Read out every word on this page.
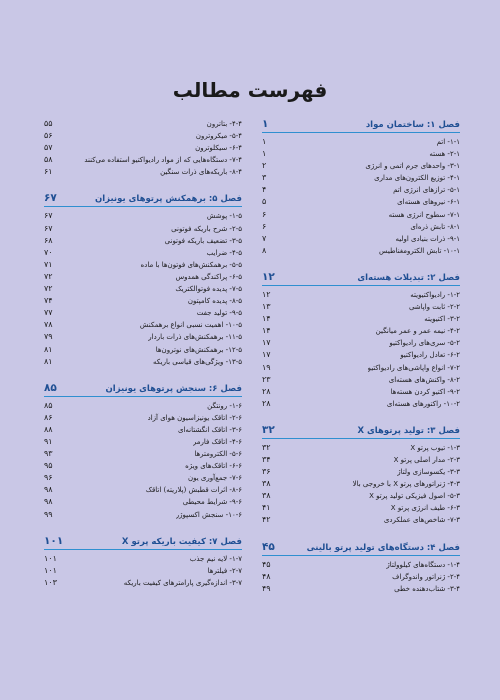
فهرست مطالب
فصل ۱: ساختمان مواد
۱
۱-۱- اتم
۱
۲-۱- هسته
۱
۳-۱- واحدهای جرم اتمی و انرژی
۲
۴-۱- توزیع الکترون‌های مداری
۳
۵-۱- ترازهای انرژی اتم
۴
۶-۱- نیروهای هسته‌ای
۵
۷-۱- سطوح انرژی هسته
۶
۸-۱- تابش ذره‌ای
۶
۹-۱- ذرات بنیادی اولیه
۷
۱۰-۱- تابش الکترومغناطیس
۸
فصل ۲: تبدیلات هسته‌ای
۱۲
۱-۲- رادیواکتیویته
۱۲
۲-۲- ثابت واپاشی
۱۳
۳-۲- اکتیویته
۱۴
۴-۲- نیمه عمر و عمر میانگین
۱۴
۵-۲- سری‌های رادیواکتیو
۱۷
۶-۲- تعادل رادیواکتیو
۱۷
۷-۲- انواع واپاشی‌های رادیواکتیو
۱۹
۸-۲- واکنش‌های هسته‌ای
۲۳
۹-۲- اکتیو کردن هسته‌ها
۲۸
۱۰-۲- راکتورهای هسته‌ای
۲۸
فصل ۳: تولید پرتوهای X
۳۲
۱-۳- تیوب پرتو X
۳۲
۲-۳- مدار اصلی پرتو X
۳۴
۳-۳- یکسوسازی ولتاژ
۳۶
۴-۳- ژنراتورهای پرتو X با خروجی بالا
۳۸
۵-۳- اصول فیزیکی تولید پرتو X
۳۸
۶-۳- طیف انرژی پرتو X
۴۱
۷-۳- شاخص‌های عملکردی
۴۲
فصل ۴: دستگاه‌های تولید پرتو بالینی
۴۵
۱-۴- دستگاه‌های کیلوولتاژ
۴۵
۲-۴- ژنراتور واندوگراف
۴۸
۳-۴- شتاب‌دهنده خطی
۴۹
۴-۴- بتاترون
۵۵
۵-۴- میکروترون
۵۶
۶-۴- سیکلوترون
۵۷
۷-۴- دستگاه‌هایی که از مواد رادیواکتیو استفاده می‌کنند
۵۸
۸-۴- باریکه‌های ذرات سنگین
۶۱
فصل ۵: برهمکنش پرتوهای یونیزان
۶۷
۱-۵- پوشش
۶۷
۲-۵- شرح باریکه فوتونی
۶۷
۳-۵- تضعیف باریکه فوتونی
۶۸
۴-۵- ضرایب
۷۰
۵-۵- برهمکنش‌های فوتون‌ها با ماده
۷۱
۶-۵- پراکندگی همدوس
۷۲
۷-۵- پدیده فوتوالکتریک
۷۲
۸-۵- پدیده کامپتون
۷۴
۹-۵- تولید جفت
۷۷
۱۰-۵- اهمیت نسبی انواع برهمکنش
۷۸
۱۱-۵- برهمکنش‌های ذرات باردار
۷۹
۱۲-۵- برهمکنش‌های نوترون‌ها
۸۱
۱۳-۵- ویژگی‌های قیاسی باریکه
۸۱
فصل ۶: سنجش پرتوهای یونیزان
۸۵
۱-۶- رونتگن
۸۵
۲-۶- اتاقک یونیزاسیون هوای آزاد
۸۶
۳-۶- اتاقک انگشتانه‌ای
۸۸
۴-۶- اتاقک فارمر
۹۱
۵-۶- الکترومترها
۹۳
۶-۶- اتاقک‌های ویژه
۹۵
۷-۶- جمع‌آوری یون
۹۶
۸-۶- اثرات قطبش (پلاریته) اتاقک
۹۸
۹-۶- شرایط محیطی
۹۸
۱۰-۶- سنجش اکسپوژر
۹۹
فصل ۷: کیفیت باریکه پرتو X
۱۰۱
۱-۷- لایه نیم جذب
۱۰۱
۲-۷- فیلترها
۱۰۱
۳-۷- اندازه‌گیری پارامترهای کیفیت باریکه
۱۰۳
